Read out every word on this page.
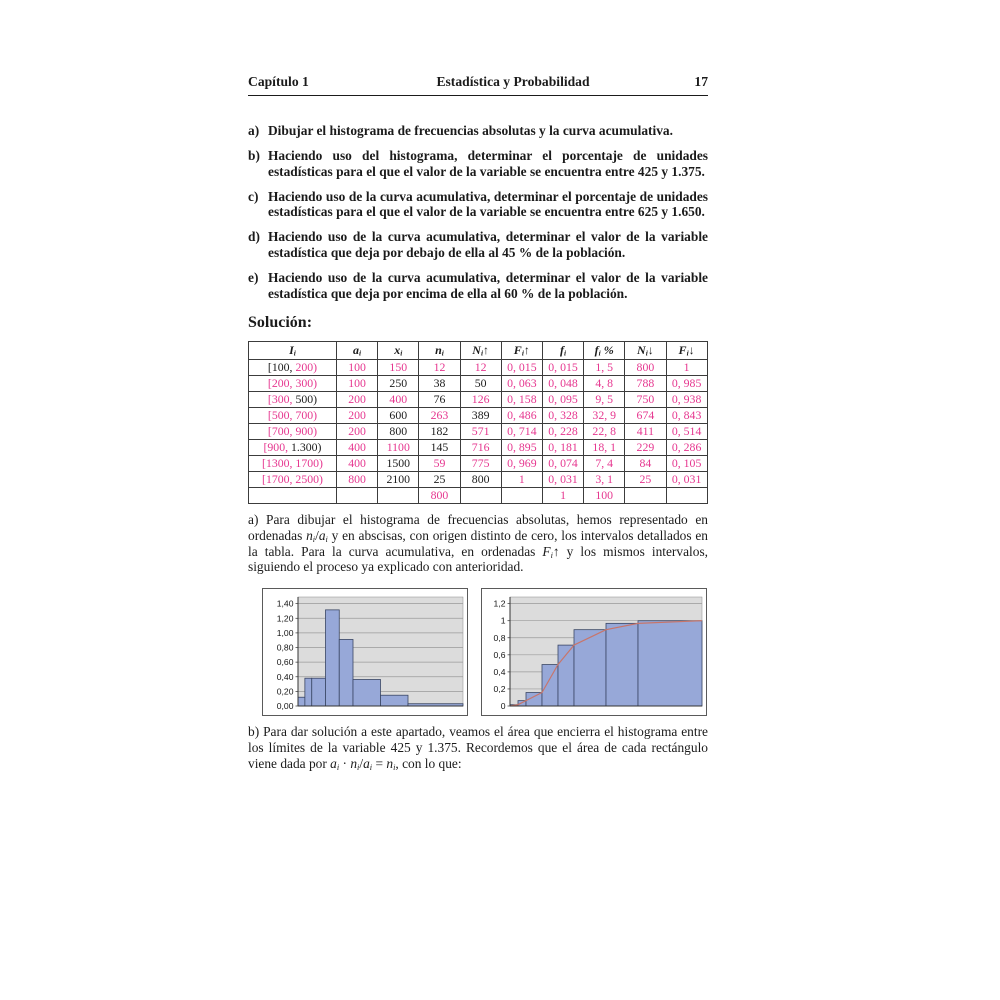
Capítulo 1	Estadística y Probabilidad	17
a) Dibujar el histograma de frecuencias absolutas y la curva acumulativa.
b) Haciendo uso del histograma, determinar el porcentaje de unidades estadísticas para el que el valor de la variable se encuentra entre 425 y 1.375.
c) Haciendo uso de la curva acumulativa, determinar el porcentaje de unidades estadísticas para el que el valor de la variable se encuentra entre 625 y 1.650.
d) Haciendo uso de la curva acumulativa, determinar el valor de la variable estadística que deja por debajo de ella al 45 % de la población.
e) Haciendo uso de la curva acumulativa, determinar el valor de la variable estadística que deja por encima de ella al 60 % de la población.
Solución:
$I_i$	$a_i$	$x_i$	$n_i$	$N_i↑$	$F_i↑$	$f_i$	$f_i$ %	$N_i↓$	$F_i↓$
[100, 200)	100	150	12	12	0, 015	0, 015	1, 5	800	1
[200, 300)	100	250	38	50	0, 063	0, 048	4, 8	788	0, 985
[300, 500)	200	400	76	126	0, 158	0, 095	9, 5	750	0, 938
[500, 700)	200	600	263	389	0, 486	0, 328	32, 9	674	0, 843
[700, 900)	200	800	182	571	0, 714	0, 228	22, 8	411	0, 514
[900, 1.300)	400	1100	145	716	0, 895	0, 181	18, 1	229	0, 286
[1300, 1700)	400	1500	59	775	0, 969	0, 074	7, 4	84	0, 105
[1700, 2500)	800	2100	25	800	1	0, 031	3, 1	25	0, 031
			800			1	100		

a) Para dibujar el histograma de frecuencias absolutas, hemos representado en ordenadas $n_i/a_i$ y en abscisas, con origen distinto de cero, los intervalos detallados en la tabla. Para la curva acumulativa, en ordenadas $F_i↑$ y los mismos intervalos, siguiendo el proceso ya explicado con anterioridad.

0,00
0,20
0,40
0,60
0,80
1,00
1,20
1,40
0
0,2
0,4
0,6
0,8
1
1,2

b) Para dar solución a este apartado, veamos el área que encierra el histograma entre los límites de la variable 425 y 1.375. Recordemos que el área de cada rectángulo viene dada por $a_i \cdot n_i/a_i = n_i$, con lo que:
